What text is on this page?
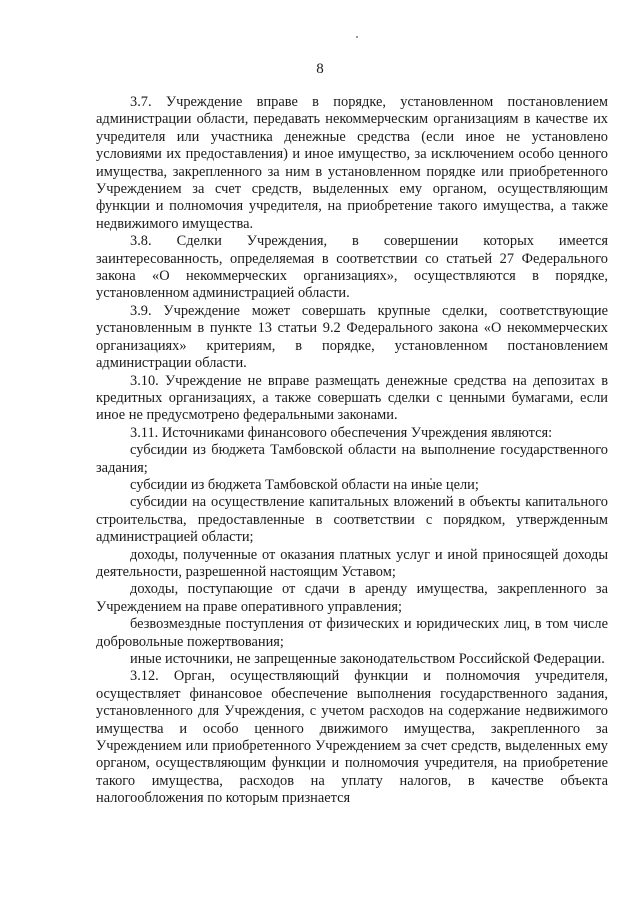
8

3.7. Учреждение вправе в порядке, установленном постановлением администрации области, передавать некоммерческим организациям в качестве их учредителя или участника денежные средства (если иное не установлено условиями их предоставления) и иное имущество, за исключением особо ценного имущества, закрепленного за ним в установленном порядке или приобретенного Учреждением за счет средств, выделенных ему органом, осуществляющим функции и полномочия учредителя, на приобретение такого имущества, а также недвижимого имущества.

3.8. Сделки Учреждения, в совершении которых имеется заинтересованность, определяемая в соответствии со статьей 27 Федерального закона «О некоммерческих организациях», осуществляются в порядке, установленном администрацией области.

3.9. Учреждение может совершать крупные сделки, соответствующие установленным в пункте 13 статьи 9.2 Федерального закона «О некоммерческих организациях» критериям, в порядке, установленном постановлением администрации области.

3.10. Учреждение не вправе размещать денежные средства на депозитах в кредитных организациях, а также совершать сделки с ценными бумагами, если иное не предусмотрено федеральными законами.

3.11. Источниками финансового обеспечения Учреждения являются:

субсидии из бюджета Тамбовской области на выполнение государственного задания;

субсидии из бюджета Тамбовской области на иные цели;

субсидии на осуществление капитальных вложений в объекты капитального строительства, предоставленные в соответствии с порядком, утвержденным администрацией области;

доходы, полученные от оказания платных услуг и иной приносящей доходы деятельности, разрешенной настоящим Уставом;

доходы, поступающие от сдачи в аренду имущества, закрепленного за Учреждением на праве оперативного управления;

безвозмездные поступления от физических и юридических лиц, в том числе добровольные пожертвования;

иные источники, не запрещенные законодательством Российской Федерации.

3.12. Орган, осуществляющий функции и полномочия учредителя, осуществляет финансовое обеспечение выполнения государственного задания, установленного для Учреждения, с учетом расходов на содержание недвижимого имущества и особо ценного движимого имущества, закрепленного за Учреждением или приобретенного Учреждением за счет средств, выделенных ему органом, осуществляющим функции и полномочия учредителя, на приобретение такого имущества, расходов на уплату налогов, в качестве объекта налогообложения по которым признается
